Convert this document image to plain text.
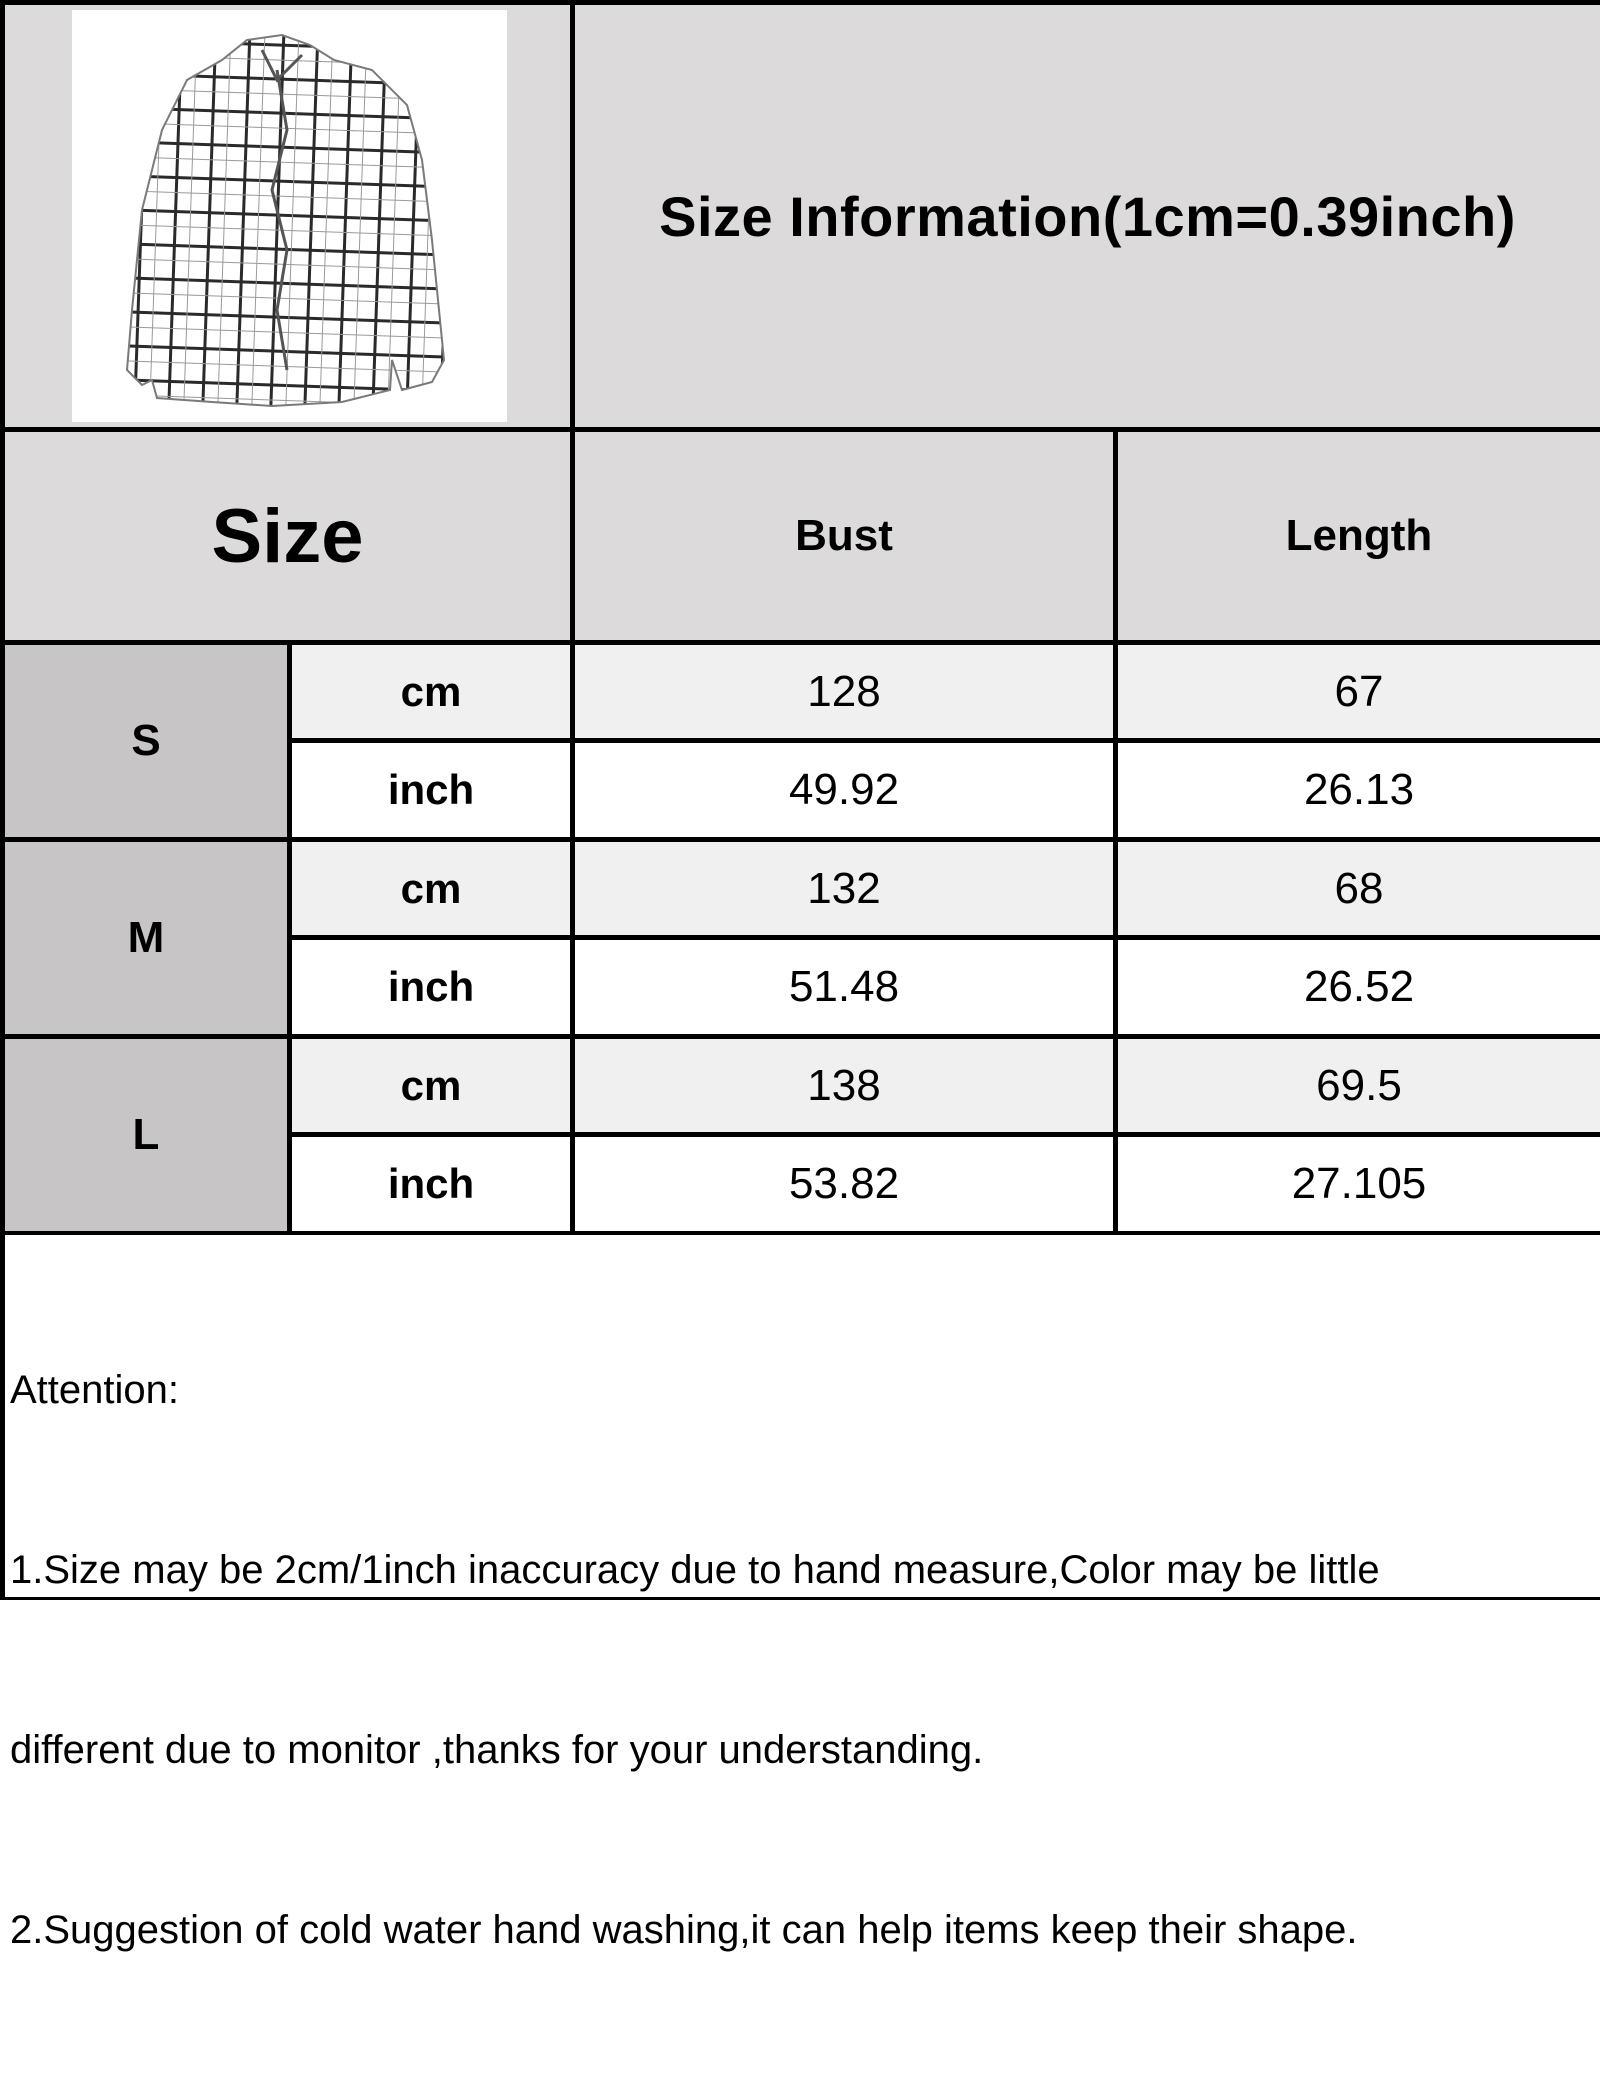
Size Information(1cm=0.39inch)
Size	Bust	Length
S
cm	128	67
inch	49.92	26.13
M
cm	132	68
inch	51.48	26.52
L
cm	138	69.5
inch	53.82	27.105

Attention:

1.Size may be 2cm/1inch inaccuracy due to hand measure,Color may be little

different due to monitor ,thanks for your understanding.

2.Suggestion of cold water hand washing,it can help items keep their shape.
